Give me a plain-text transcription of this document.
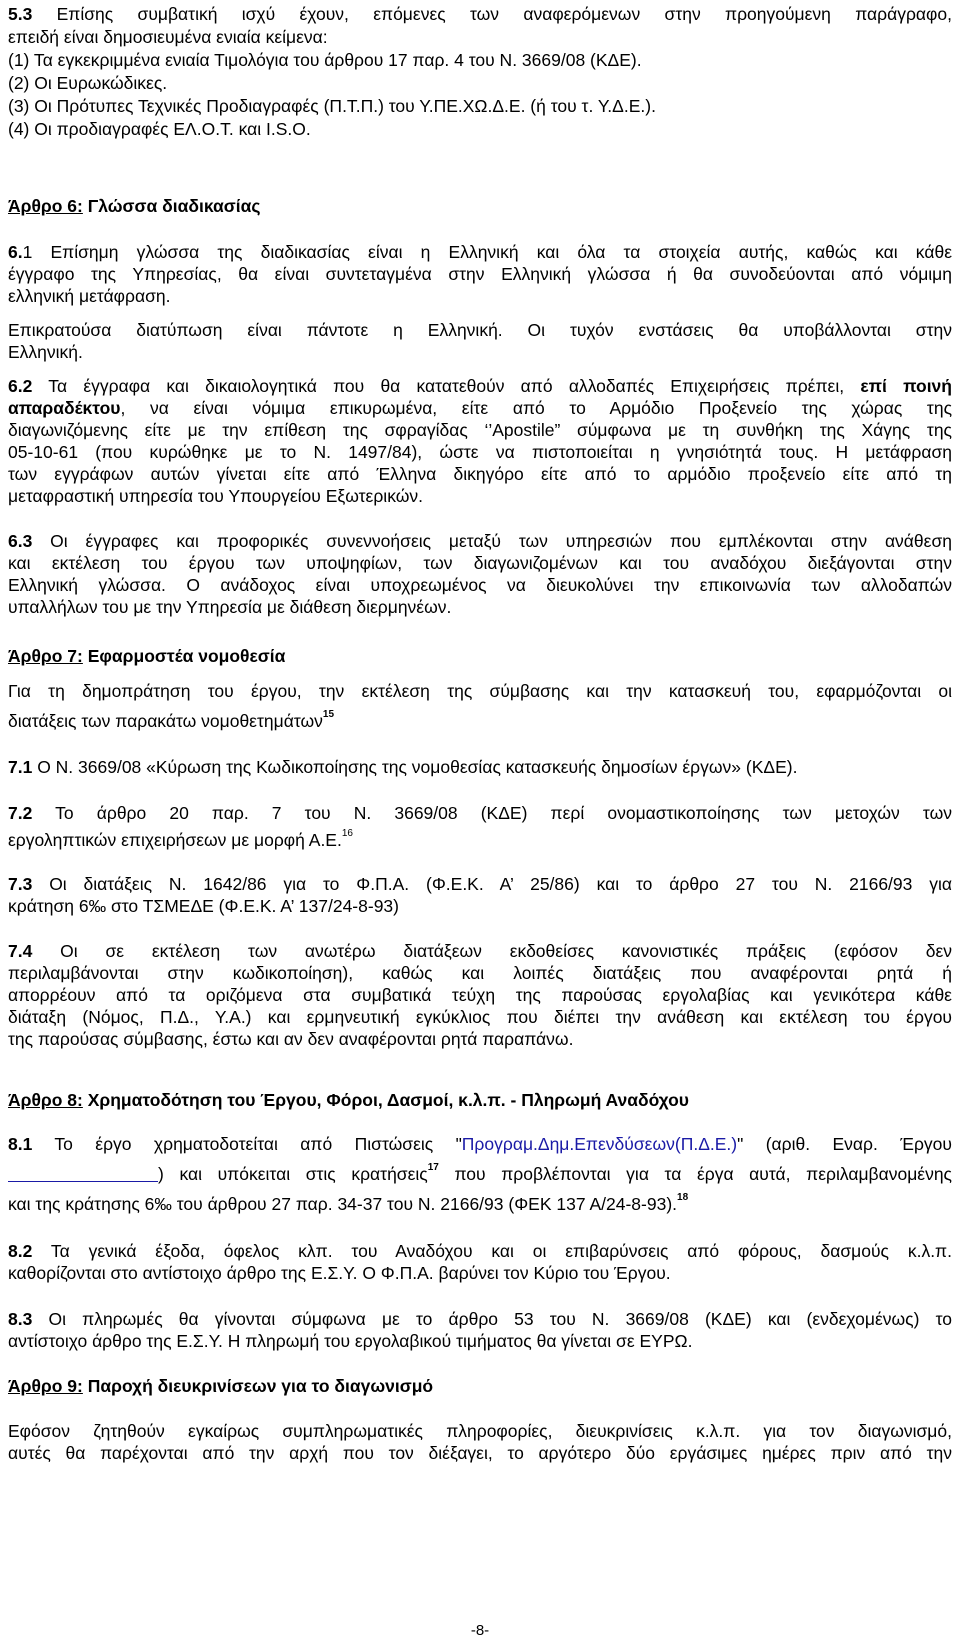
5.3 Επίσης συμβατική ισχύ έχουν, επόμενες των αναφερόμενων στην προηγούμενη παράγραφο,
επειδή είναι δημοσιευμένα ενιαία κείμενα:
(1) Τα εγκεκριμμένα ενιαία Τιμολόγια του άρθρου 17 παρ. 4 του Ν. 3669/08 (ΚΔΕ).
(2) Οι Ευρωκώδικες.
(3) Οι Πρότυπες Τεχνικές Προδιαγραφές (Π.Τ.Π.) του Υ.ΠΕ.ΧΩ.Δ.Ε. (ή του τ. Υ.Δ.Ε.).
(4) Οι προδιαγραφές ΕΛ.Ο.Τ. και I.S.O.
Άρθρο 6: Γλώσσα διαδικασίας
6.1 Επίσημη γλώσσα της διαδικασίας είναι η Ελληνική και όλα τα στοιχεία αυτής, καθώς και κάθε
έγγραφο της Υπηρεσίας, θα είναι συντεταγμένα στην Ελληνική γλώσσα ή θα συνοδεύονται από νόμιμη
ελληνική μετάφραση.
Επικρατούσα διατύπωση είναι πάντοτε η Ελληνική. Οι τυχόν ενστάσεις θα υποβάλλονται στην
Ελληνική.
6.2 Τα έγγραφα και δικαιολογητικά που θα κατατεθούν από αλλοδαπές Επιχειρήσεις πρέπει, επί ποινή
απαραδέκτου, να είναι νόμιμα επικυρωμένα, είτε από το Αρμόδιο Προξενείο της χώρας της
διαγωνιζόμενης είτε με την επίθεση της σφραγίδας ‘’Apostile” σύμφωνα με τη συνθήκη της Χάγης της
05-10-61 (που κυρώθηκε με το Ν. 1497/84), ώστε να πιστοποιείται η γνησιότητά τους. Η μετάφραση
των εγγράφων αυτών γίνεται είτε από Έλληνα δικηγόρο είτε από το αρμόδιο προξενείο είτε από τη
μεταφραστική υπηρεσία του Υπουργείου Εξωτερικών.
6.3 Οι έγγραφες και προφορικές συνεννοήσεις μεταξύ των υπηρεσιών που εμπλέκονται στην ανάθεση
και εκτέλεση του έργου των υποψηφίων, των διαγωνιζομένων και του αναδόχου διεξάγονται στην
Ελληνική γλώσσα. Ο ανάδοχος είναι υποχρεωμένος να διευκολύνει την επικοινωνία των αλλοδαπών
υπαλλήλων του με την Υπηρεσία με διάθεση διερμηνέων.
Άρθρο 7: Εφαρμοστέα νομοθεσία
Για τη δημοπράτηση του έργου, την εκτέλεση της σύμβασης και την κατασκευή του, εφαρμόζονται οι
διατάξεις των παρακάτω νομοθετημάτων$^{15}$
7.1 Ο Ν. 3669/08 «Κύρωση της Κωδικοποίησης της νομοθεσίας κατασκευής δημοσίων έργων» (ΚΔΕ).
7.2 Το άρθρο 20 παρ. 7 του Ν. 3669/08 (ΚΔΕ) περί ονομαστικοποίησης των μετοχών των
εργοληπτικών επιχειρήσεων με μορφή Α.Ε.$^{16}$
7.3 Οι διατάξεις Ν. 1642/86 για το Φ.Π.Α. (Φ.Ε.Κ. Α’ 25/86) και το άρθρο 27 του Ν. 2166/93 για
κράτηση 6‰ στο ΤΣΜΕΔΕ (Φ.Ε.Κ. Α’ 137/24-8-93)
7.4 Οι σε εκτέλεση των ανωτέρω διατάξεων εκδοθείσες κανονιστικές πράξεις (εφόσον δεν
περιλαμβάνονται στην κωδικοποίηση), καθώς και λοιπές διατάξεις που αναφέρονται ρητά ή
απορρέουν από τα οριζόμενα στα συμβατικά τεύχη της παρούσας εργολαβίας και γενικότερα κάθε
διάταξη (Νόμος, Π.Δ., Υ.Α.) και ερμηνευτική εγκύκλιος που διέπει την ανάθεση και εκτέλεση του έργου
της παρούσας σύμβασης, έστω και αν δεν αναφέρονται ρητά παραπάνω.
Άρθρο 8: Χρηματοδότηση του Έργου, Φόροι, Δασμοί, κ.λ.π. - Πληρωμή Αναδόχου
8.1 Το έργο χρηματοδοτείται από Πιστώσεις "Προγραμ.Δημ.Επενδύσεων(Π.Δ.Ε.)" (αριθ. Εναρ. Έργου
) και υπόκειται στις κρατήσεις$^{17}$ που προβλέπονται για τα έργα αυτά, περιλαμβανομένης
και της κράτησης 6‰ του άρθρου 27 παρ. 34-37 του Ν. 2166/93 (ΦΕΚ 137 Α/24-8-93).$^{18}$
8.2 Τα γενικά έξοδα, όφελος κλπ. του Αναδόχου και οι επιβαρύνσεις από φόρους, δασμούς κ.λ.π.
καθορίζονται στο αντίστοιχο άρθρο της Ε.Σ.Υ. Ο Φ.Π.Α. βαρύνει τον Κύριο του Έργου.
8.3 Οι πληρωμές θα γίνονται σύμφωνα με το άρθρο 53 του Ν. 3669/08 (ΚΔΕ) και (ενδεχομένως) το
αντίστοιχο άρθρο της Ε.Σ.Υ. Η πληρωμή του εργολαβικού τιμήματος θα γίνεται σε ΕΥΡΩ.
Άρθρο 9: Παροχή διευκρινίσεων για το διαγωνισμό
Εφόσον ζητηθούν εγκαίρως συμπληρωματικές πληροφορίες, διευκρινίσεις κ.λ.π. για τον διαγωνισμό,
αυτές θα παρέχονται από την αρχή που τον διέξαγει, το αργότερο δύο εργάσιμες ημέρες πριν από την
-8-
